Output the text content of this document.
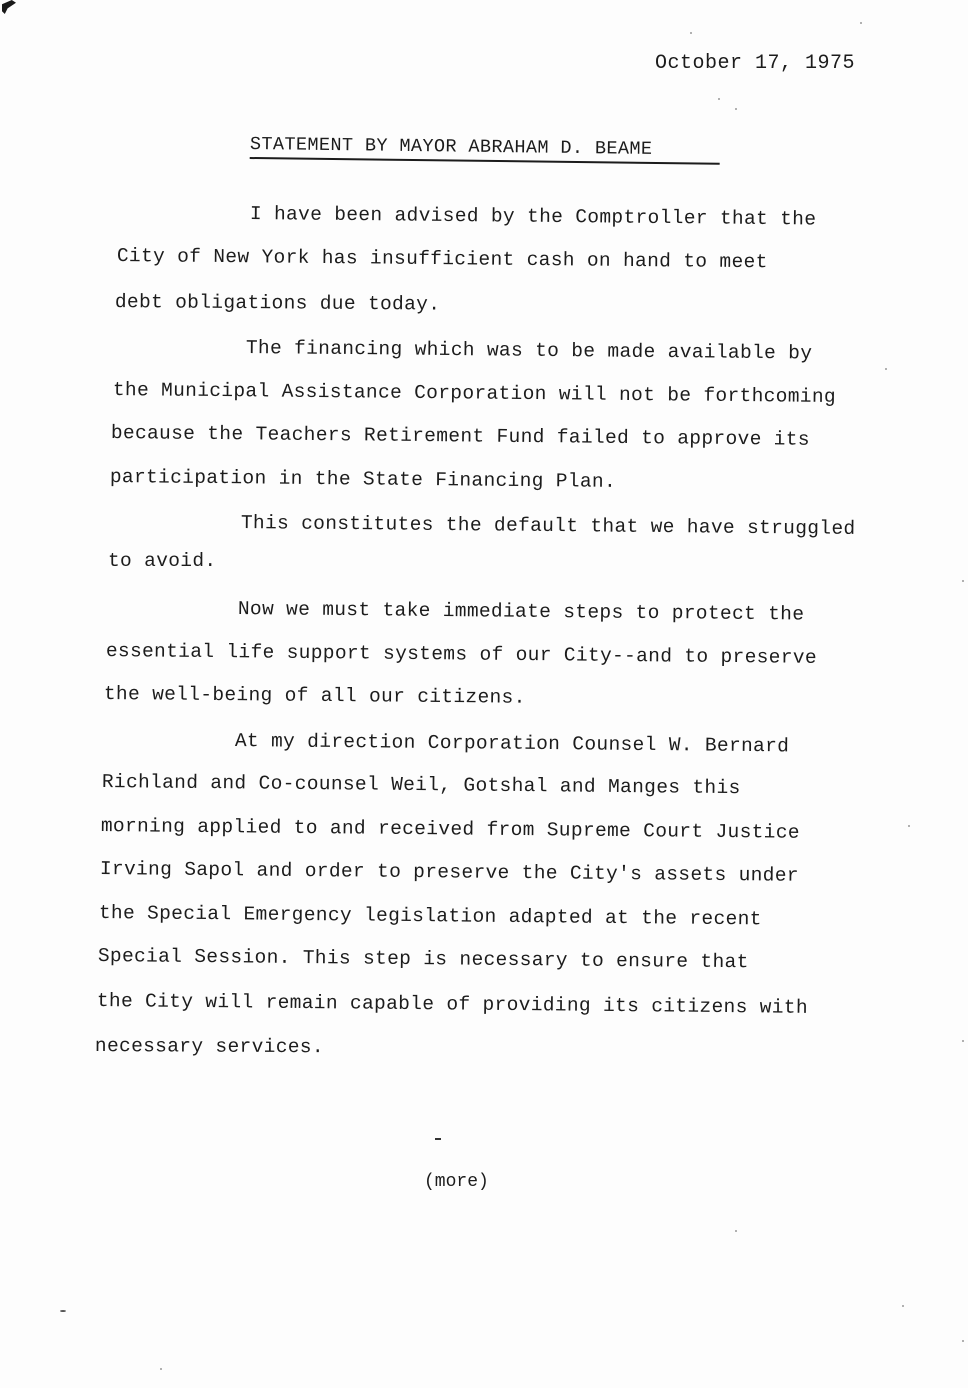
October 17, 1975
STATEMENT BY MAYOR ABRAHAM D. BEAME
I have been advised by the Comptroller that the
City of New York has insufficient cash on hand to meet
debt obligations due today.
The financing which was to be made available by
the Municipal Assistance Corporation will not be forthcoming
because the Teachers Retirement Fund failed to approve its
participation in the State Financing Plan.
This constitutes the default that we have struggled
to avoid.
Now we must take immediate steps to protect the
essential life support systems of our City--and to preserve
the well-being of all our citizens.
At my direction Corporation Counsel W. Bernard
Richland and Co-counsel Weil, Gotshal and Manges this
morning applied to and received from Supreme Court Justice
Irving Sapol and order to preserve the City's assets under
the Special Emergency legislation adapted at the recent
Special Session. This step is necessary to ensure that
the City will remain capable of providing its citizens with
necessary services.
(more)
